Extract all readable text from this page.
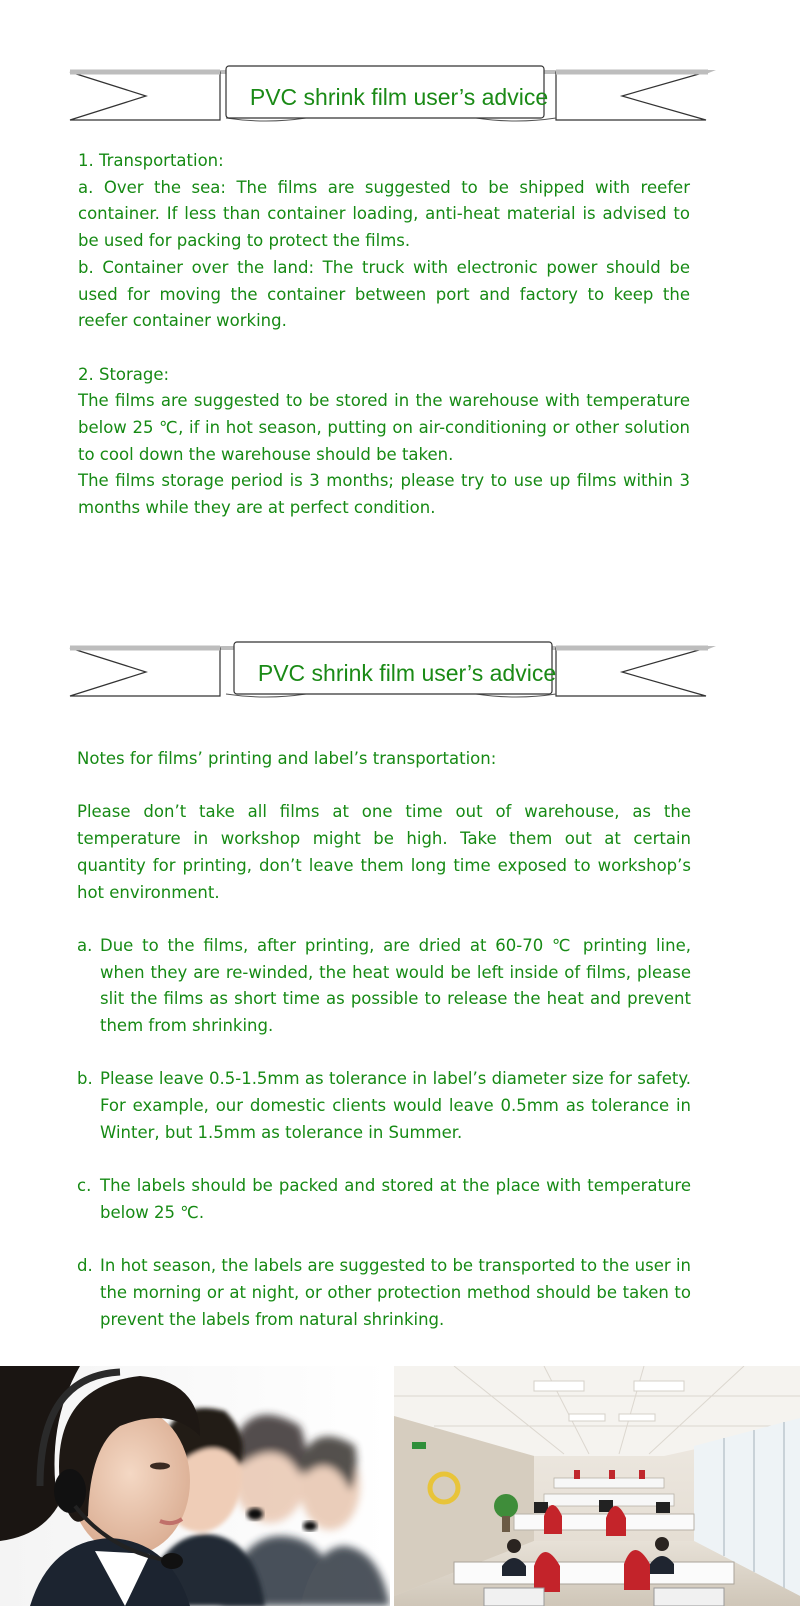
PVC shrink film user’s advice

1. Transportation:

a. Over the sea: The films are suggested to be shipped with reefer container. If less than container loading, anti-heat material is advised to be used for packing to protect the films.

b. Container over the land: The truck with electronic power should be used for moving the container between port and factory to keep the reefer container working.

2. Storage:

The films are suggested to be stored in the warehouse with temperature below 25 ℃, if in hot season, putting on air-conditioning or other solution to cool down the warehouse should be taken.

The films storage period is 3 months; please try to use up films within 3 months while they are at perfect condition.

PVC shrink film user’s advice

Notes for films’ printing and label’s transportation:

Please don’t take all films at one time out of warehouse, as the temperature in workshop might be high. Take them out at certain quantity for printing, don’t leave them long time exposed to workshop’s hot environment.

a. Due to the films, after printing, are dried at 60-70 ℃ printing line, when they are re-winded, the heat would be left inside of films, please slit the films as short time as possible to release the heat and prevent them from shrinking.
b. Please leave 0.5-1.5mm as tolerance in label’s diameter size for safety. For example, our domestic clients would leave 0.5mm as tolerance in Winter, but 1.5mm as tolerance in Summer.
c. The labels should be packed and stored at the place with temperature below 25 ℃.
d. In hot season, the labels are suggested to be transported to the user in the morning or at night, or other protection method should be taken to prevent the labels from natural shrinking.
